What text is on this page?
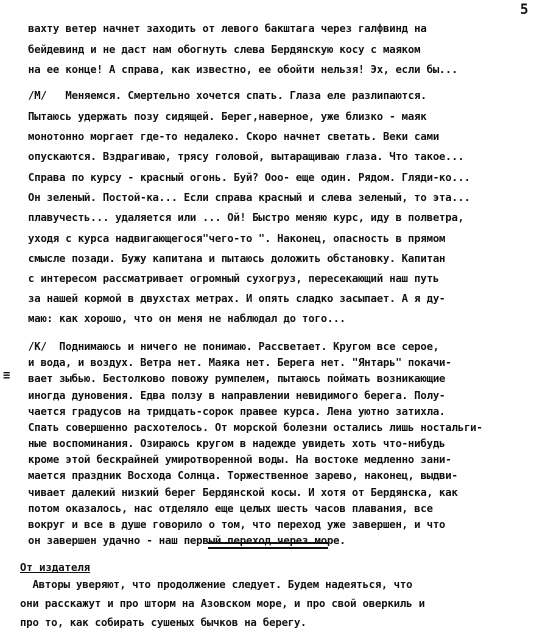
5
вахту ветер начнет заходить от левого бакштага через галфвинд на
бейдевинд и не даст нам обогнуть слева Бердянскую косу с маяком
на ее конце! А справа, как известно, ее обойти нельзя! Эх, если бы...
/М/   Меняемся. Смертельно хочется спать. Глаза еле разлипаются.
Пытаюсь удержать позу сидящей. Берег,наверное, уже близко - маяк
монотонно моргает где-то недалеко. Скоро начнет светать. Веки сами
опускаются. Вздрагиваю, трясу головой, вытаращиваю глаза. Что такое...
Справа по курсу - красный огонь. Буй? Ооо- еще один. Рядом. Гляди-ко...
Он зеленый. Постой-ка... Если справа красный и слева зеленый, то эта...
плавучесть... удаляется или ... Ой! Быстро меняю курс, иду в полветра,
уходя с курса надвигающегося"чего-то ". Наконец, опасность в прямом
смысле позади. Бужу капитана и пытаюсь доложить обстановку. Капитан
с интересом рассматривает огромный сухогруз, пересекающий наш путь
за нашей кормой в двухстах метрах. И опять сладко засыпает. А я ду-
маю: как хорошо, что он меня не наблюдал до того...
/К/  Поднимаюсь и ничего не понимаю. Рассветает. Кругом все серое,
и вода, и воздух. Ветра нет. Маяка нет. Берега нет. "Янтарь" покачи-
вает зыбью. Бестолково повожу румпелем, пытаюсь поймать возникающие
иногда дуновения. Едва ползу в направлении невидимого берега. Полу-
чается градусов на тридцать-сорок правее курса. Лена уютно затихла.
Спать совершенно расхотелось. От морской болезни остались лишь ностальги-
ные воспоминания. Озираюсь кругом в надежде увидеть хоть что-нибудь
кроме этой бескрайней умиротворенной воды. На востоке медленно зани-
мается праздник Восхода Солнца. Торжественное зарево, наконец, выдви-
чивает далекий низкий берег Бердянской косы. И хотя от Бердянска, как
От издателя
Авторы уверяют, что продолжение следует. Будем надеяться, что
они расскажут и про шторм на Азовском море, и про свой оверкиль и
про то, как собирать сушеных бычков на берегу.
≡
потом оказалось, нас отделяло еще целых шесть часов плавания, все
вокруг и все в душе говорило о том, что переход уже завершен, и что
он завершен удачно - наш первый переход через море.
